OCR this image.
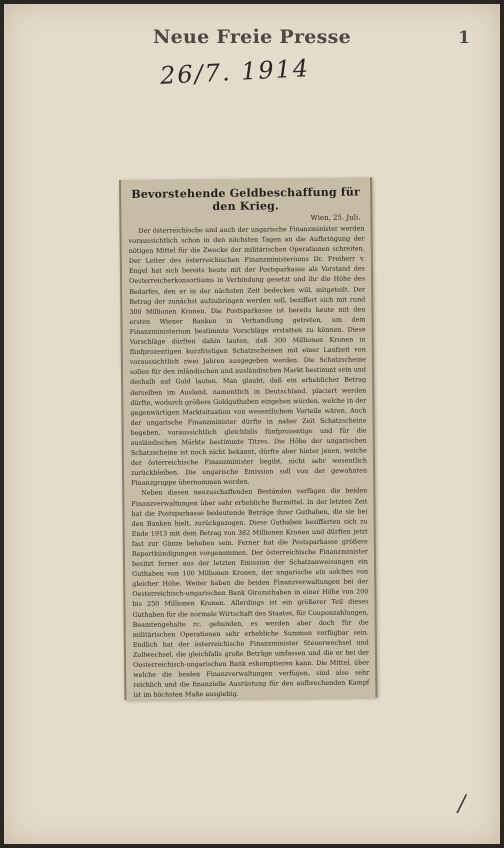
Neue Freie Presse	1
26/7. 1914
Bevorstehende Geldbeschaffung für den Krieg.
Wien, 25. Juli.

Der österreichische und auch der ungarische Finanzminister werden voraussichtlich schon in den nächsten Tagen an die Aufbringung der nötigen Mittel für die Zwecke der militärischen Operationen schreiten. Der Leiter des österreichischen Finanzministeriums Dr. Freiherr v. Engel hat sich bereits heute mit der Postsparkasse als Vorstand des Oesterreicherkonsortiums in Verbindung gesetzt und ihr die Höhe des Bedarfes, den er in der nächsten Zeit bedecken will, mitgeteilt. Der Betrag der zunächst aufzubringen werden soll, beziffert sich mit rund 300 Millionen Kronen. Die Postsparkasse ist bereits heute mit den ersten Wiener Banken in Verhandlung getreten, um dem Finanzministerium bestimmte Vorschläge erstatten zu können. Diese Vorschläge dürften dahin lauten, daß 300 Millionen Kronen in fünfprozentigen kurzfristigen Schatzscheinen mit einer Laufzeit von voraussichtlich zwei Jahren ausgegeben werden. Die Schatzscheine sollen für den inländischen und ausländischen Markt bestimmt sein und deshalb auf Gold lauten. Man glaubt, daß ein erheblicher Betrag derselben im Ausland, namentlich in Deutschland, placiert werden dürfte, wodurch größere Goldguthaben eingehen würden, welche in der gegenwärtigen Marktsituation von wesentlichem Vorteile wären. Auch der ungarische Finanzminister dürfte in naher Zeit Schatzscheine begeben, voraussichtlich gleichfalls fünfprozentige und für die ausländischen Märkte bestimmte Titres. Die Höhe der ungarischen Schatzscheine ist noch nicht bekannt, dürfte aber hinter jenen, welche der österreichische Finanzminister begibt, nicht sehr wesentlich zurückbleiben. Die ungarische Emission soll von der gewohnten Finanzgruppe übernommen werden.

Neben diesen neuzuschaffenden Beständen verfügen die beiden Finanzverwaltungen über sehr erhebliche Barmittel. In der letzten Zeit hat die Postsparkasse bedeutende Beträge ihrer Guthaben, die sie bei den Banken hielt, zurückgezogen. Diese Guthaben bezifferten sich zu Ende 1913 mit dem Betrag von 382 Millionen Kronen und dürften jetzt fast zur Gänze behoben sein. Ferner hat die Postsparkasse größere Reportkündigungen vorgenommen. Der österreichische Finanzminister besitzt ferner aus der letzten Emission der Schatzanweisungen ein Guthaben von 100 Millionen Kronen, der ungarische ein solches von gleicher Höhe. Weiter haben die beiden Finanzverwaltungen bei der Oesterreichisch-ungarischen Bank Girozuthaben in einer Höhe von 200 bis 250 Millionen Kronen. Allerdings ist ein größerer Teil dieses Guthaben für die normale Wirtschaft des Staates, für Couponzahlungen, Beamtengehalte rc. gebunden, es werden aber doch für die militärischen Operationen sehr erhebliche Summen verfügbar sein. Endlich hat der österreichische Finanzminister Steuerwechsel und Zollwechsel, die gleichfalls große Beträge umfassen und die er bei der Oesterreichisch-ungarischen Bank eskomptieren kann. Die Mittel, über welche die beiden Finanzverwaltungen verfügen, sind also sehr reichlich und die finanzielle Ausrüstung für den aufbrechenden Kampf ist im höchsten Maße ausgiebig.

/
